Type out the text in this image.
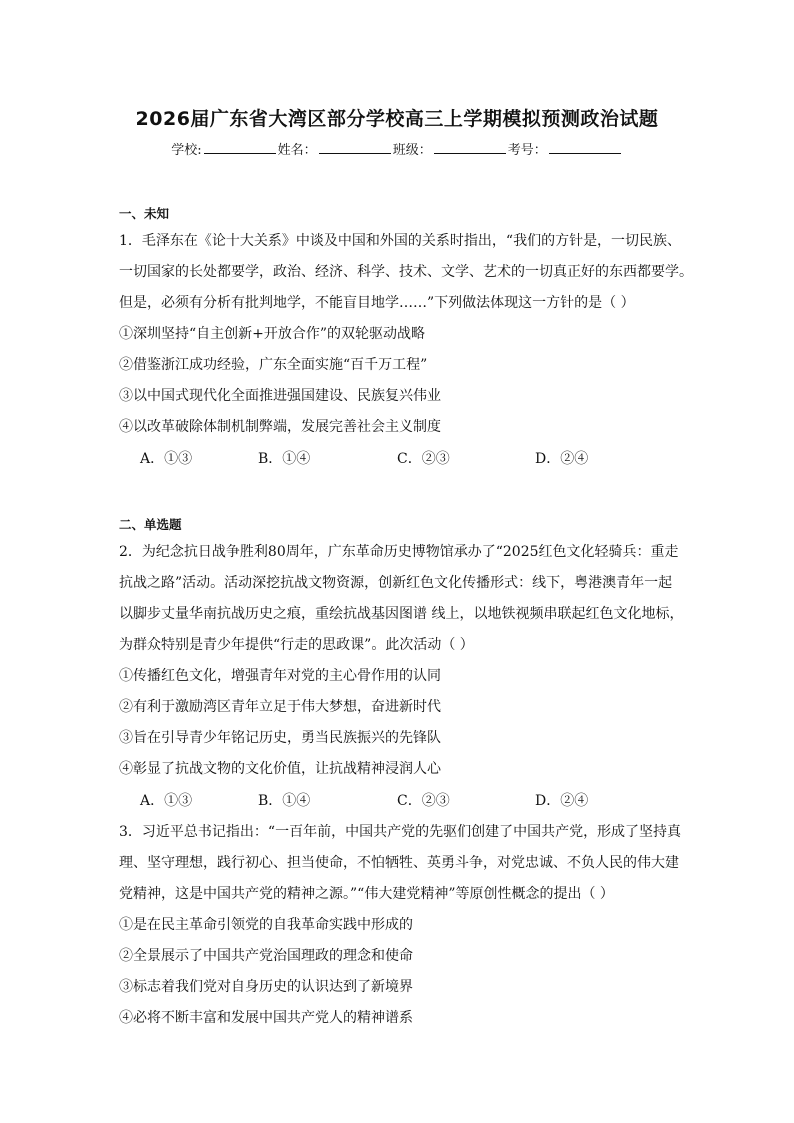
2026届广东省大湾区部分学校高三上学期模拟预测政治试题
学校:	姓名：	班级：	考号：
一、未知
1．毛泽东在《论十大关系》中谈及中国和外国的关系时指出，“我们的方针是，一切民族、
一切国家的长处都要学，政治、经济、科学、技术、文学、艺术的一切真正好的东西都要学。
但是，必须有分析有批判地学，不能盲目地学……”下列做法体现这一方针的是（ ）
①深圳坚持“自主创新+开放合作”的双轮驱动战略
②借鉴浙江成功经验，广东全面实施“百千万工程”
③以中国式现代化全面推进强国建设、民族复兴伟业
④以改革破除体制机制弊端，发展完善社会主义制度
A．①③	B．①④	C．②③	D．②④
二、单选题
2．为纪念抗日战争胜利80周年，广东革命历史博物馆承办了“2025红色文化轻骑兵：重走
抗战之路”活动。活动深挖抗战文物资源，创新红色文化传播形式：线下，粤港澳青年一起
以脚步丈量华南抗战历史之痕，重绘抗战基因图谱 线上，以地铁视频串联起红色文化地标，
为群众特别是青少年提供“行走的思政课”。此次活动（ ）
①传播红色文化，增强青年对党的主心骨作用的认同
②有利于激励湾区青年立足于伟大梦想，奋进新时代
③旨在引导青少年铭记历史，勇当民族振兴的先锋队
④彰显了抗战文物的文化价值，让抗战精神浸润人心
A．①③	B．①④	C．②③	D．②④
3．习近平总书记指出：“一百年前，中国共产党的先驱们创建了中国共产党，形成了坚持真
理、坚守理想，践行初心、担当使命，不怕牺牲、英勇斗争，对党忠诚、不负人民的伟大建
党精神，这是中国共产党的精神之源。”“伟大建党精神”等原创性概念的提出（ ）
①是在民主革命引领党的自我革命实践中形成的
②全景展示了中国共产党治国理政的理念和使命
③标志着我们党对自身历史的认识达到了新境界
④必将不断丰富和发展中国共产党人的精神谱系
